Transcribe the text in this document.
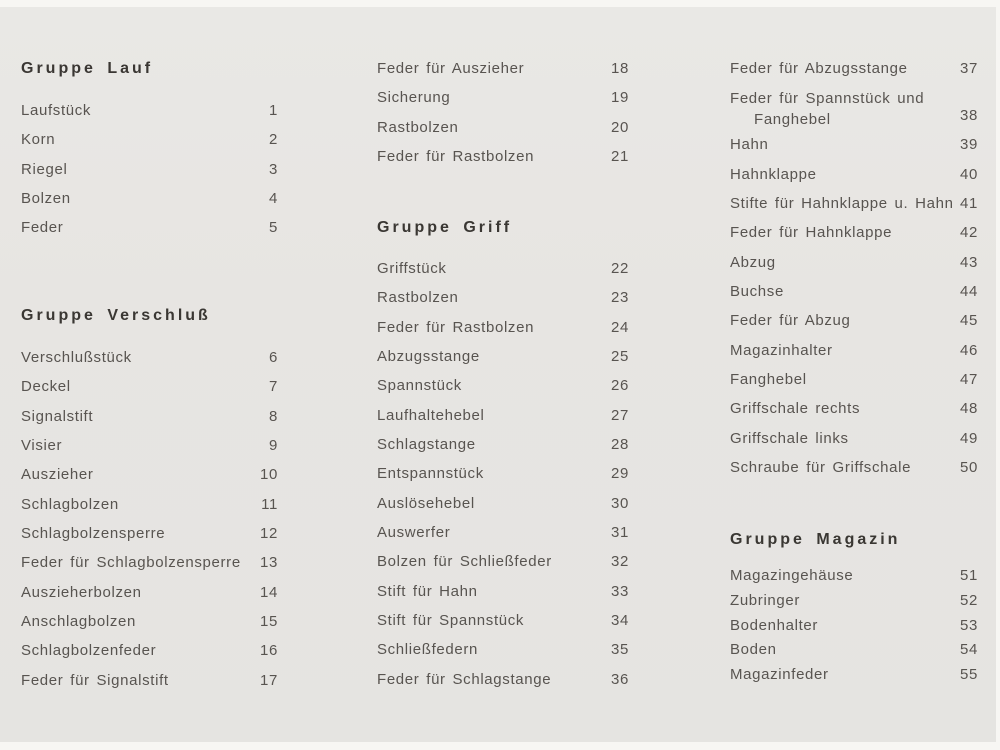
Gruppe Lauf
Laufstück	1
Korn	2
Riegel	3
Bolzen	4
Feder	5
Gruppe Verschluß
Verschlußstück	6
Deckel	7
Signalstift	8
Visier	9
Auszieher	10
Schlagbolzen	11
Schlagbolzensperre	12
Feder für Schlagbolzensperre	13
Auszieherbolzen	14
Anschlagbolzen	15
Schlagbolzenfeder	16
Feder für Signalstift	17
Feder für Auszieher	18
Sicherung	19
Rastbolzen	20
Feder für Rastbolzen	21
Gruppe Griff
Griffstück	22
Rastbolzen	23
Feder für Rastbolzen	24
Abzugsstange	25
Spannstück	26
Laufhaltehebel	27
Schlagstange	28
Entspannstück	29
Auslösehebel	30
Auswerfer	31
Bolzen für Schließfeder	32
Stift für Hahn	33
Stift für Spannstück	34
Schließfedern	35
Feder für Schlagstange	36
Feder für Abzugsstange	37
Feder für Spannstück und
Fanghebel	38
Hahn	39
Hahnklappe	40
Stifte für Hahnklappe u. Hahn 41
Feder für Hahnklappe	42
Abzug	43
Buchse	44
Feder für Abzug	45
Magazinhalter	46
Fanghebel	47
Griffschale rechts	48
Griffschale links	49
Schraube für Griffschale	50
Gruppe Magazin
Magazingehäuse	51
Zubringer	52
Bodenhalter	53
Boden	54
Magazinfeder	55
